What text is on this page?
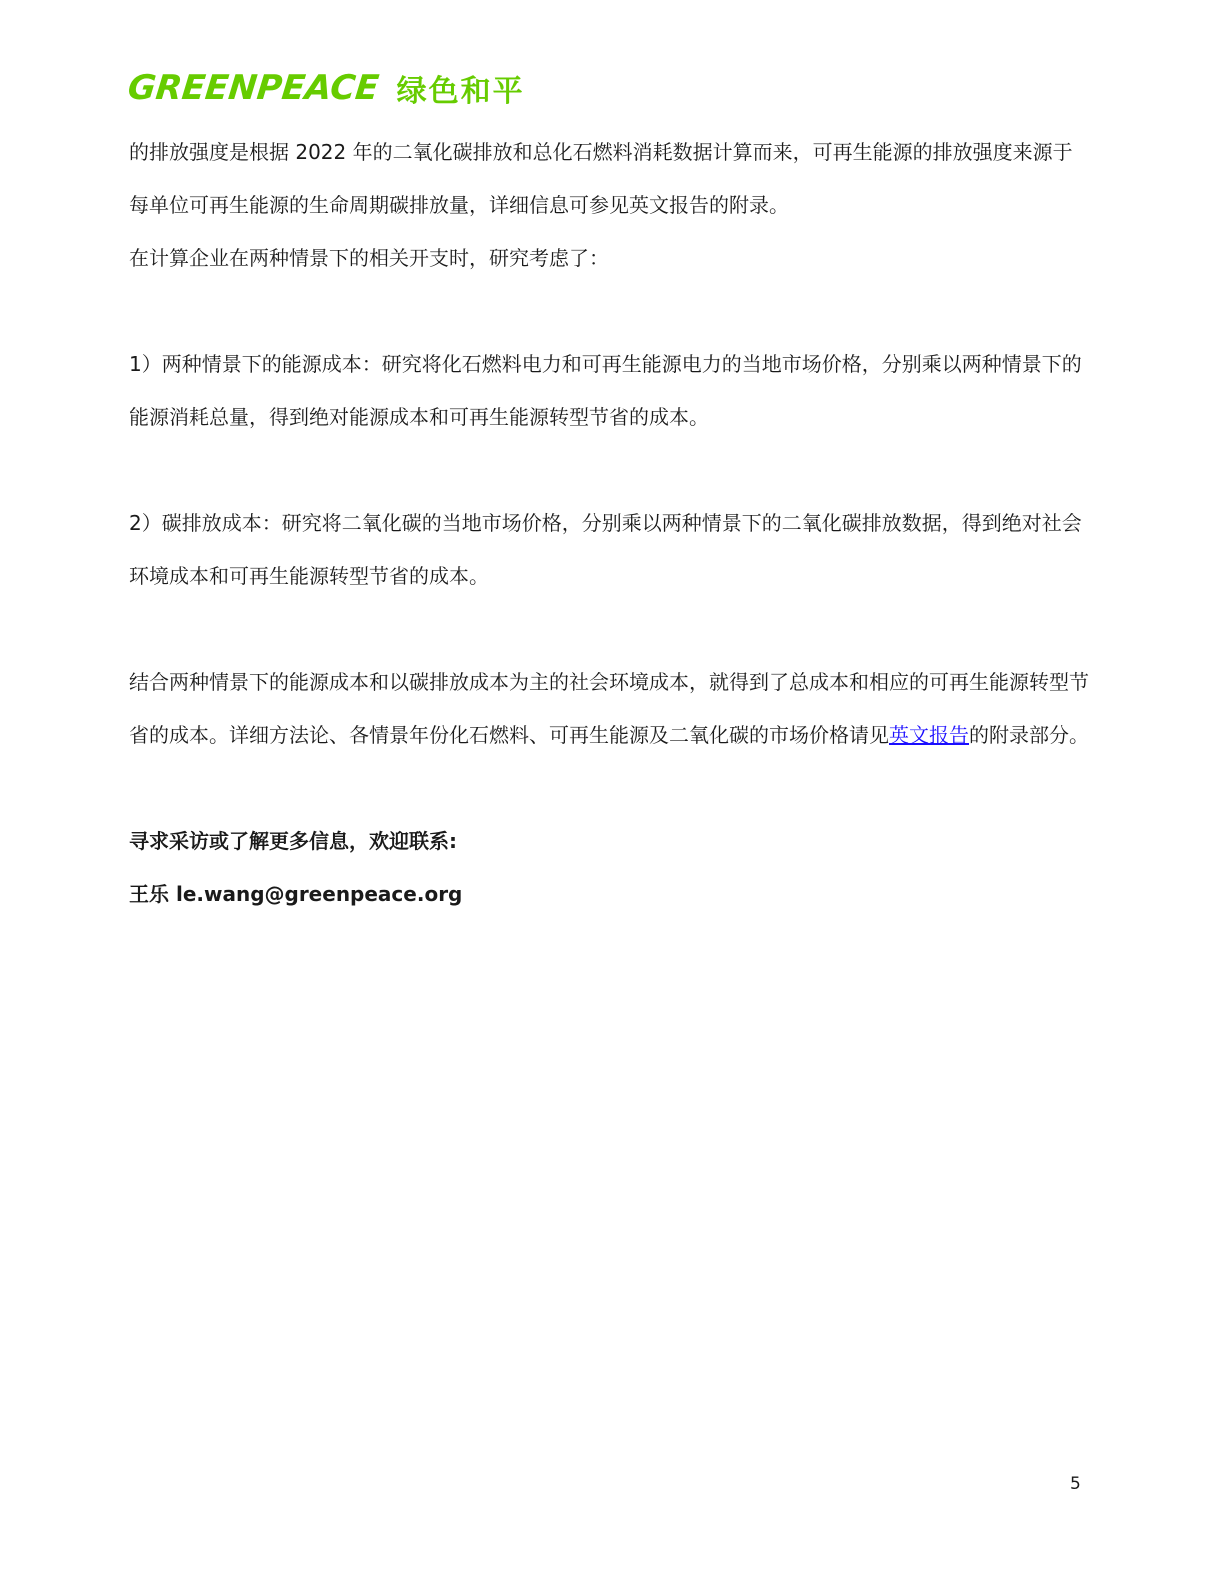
GREENPEACE 绿色和平

的排放强度是根据 2022 年的二氧化碳排放和总化石燃料消耗数据计算而来，可再生能源的排放强度来源于每单位可再生能源的生命周期碳排放量，详细信息可参见英文报告的附录。

在计算企业在两种情景下的相关开支时，研究考虑了：

1）两种情景下的能源成本：研究将化石燃料电力和可再生能源电力的当地市场价格，分别乘以两种情景下的能源消耗总量，得到绝对能源成本和可再生能源转型节省的成本。

2）碳排放成本：研究将二氧化碳的当地市场价格，分别乘以两种情景下的二氧化碳排放数据，得到绝对社会环境成本和可再生能源转型节省的成本。

结合两种情景下的能源成本和以碳排放成本为主的社会环境成本，就得到了总成本和相应的可再生能源转型节省的成本。详细方法论、各情景年份化石燃料、可再生能源及二氧化碳的市场价格请见英文报告的附录部分。

寻求采访或了解更多信息，欢迎联系:

王乐 le.wang@greenpeace.org

5
